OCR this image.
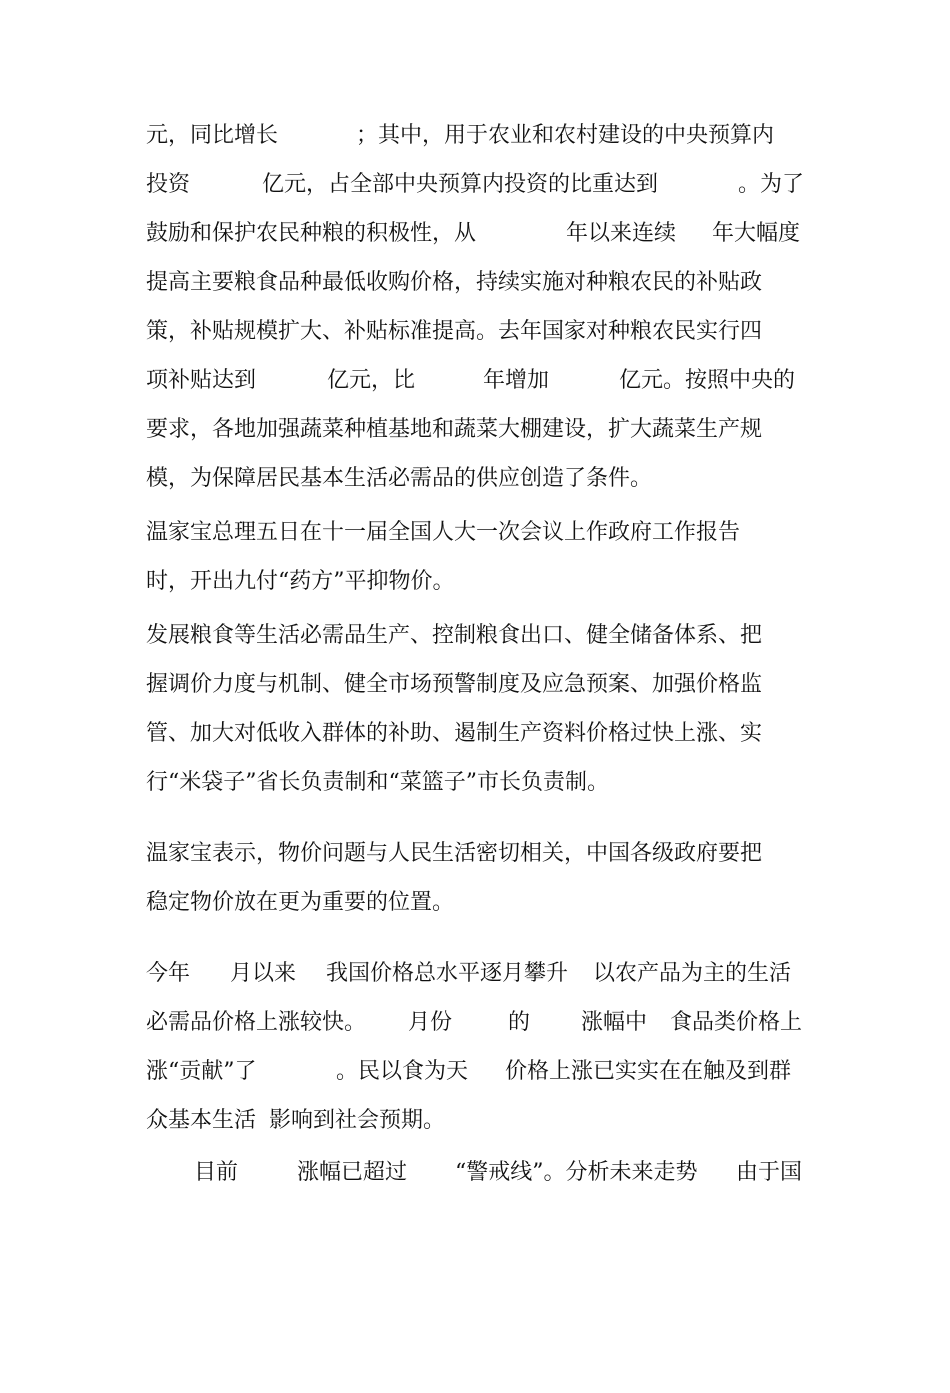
元，同比增长

	；其中，用于农业和农村建设的中央预算内

投资

	亿元，占全部中央预算内投资的比重达到

	。为了

鼓励和保护农民种粮的积极性，从

	年以来连续

年大幅度

提高主要粮食品种最低收购价格，持续实施对种粮农民的补贴政

策，补贴规模扩大、补贴标准提高。去年国家对种粮农民实行四

项补贴达到

	亿元，比

	年增加

	亿元。按照中央的

要求，各地加强蔬菜种植基地和蔬菜大棚建设，扩大蔬菜生产规

模，为保障居民基本生活必需品的供应创造了条件。

温家宝总理五日在十一届全国人大一次会议上作政府工作报告

时，开出九付“药方”平抑物价。

发展粮食等生活必需品生产、控制粮食出口、健全储备体系、把

握调价力度与机制、健全市场预警制度及应急预案、加强价格监

管、加大对低收入群体的补助、遏制生产资料价格过快上涨、实

行“米袋子”省长负责制和“菜篮子”市长负责制。

温家宝表示，物价问题与人民生活密切相关，中国各级政府要把

稳定物价放在更为重要的位置。

今年

月以来

我国价格总水平逐月攀升

以农产品为主的生活

必需品价格上涨较快。

月份

	的

涨幅中

食品类价格上

涨“贡献”了

	。民以食为天

价格上涨已实实在在触及到群

众基本生活

影响到社会预期。

目前

	涨幅已超过

“警戒线”。分析未来走势

由于国
